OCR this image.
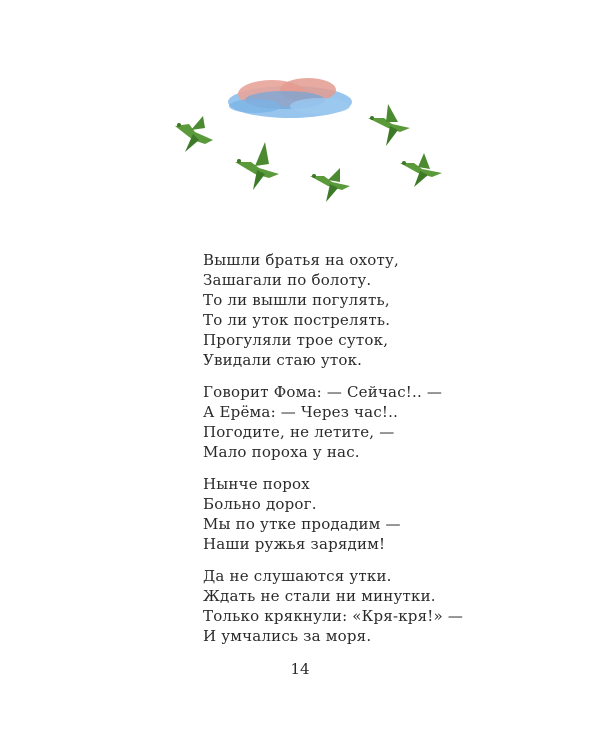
Вышли братья на охоту,
Зашагали по болоту.
То ли вышли погулять,
То ли уток пострелять.
Прогуляли трое суток,
Увидали стаю уток.
Говорит Фома: — Сейчас!.. —
А Ерёма: — Через час!..
Погодите, не летите, —
Мало пороха у нас.
Нынче порох
Больно дорог.
Мы по утке продадим —
Наши ружья зарядим!
Да не слушаются утки.
Ждать не стали ни минутки.
Только крякнули: «Кря-кря!» —
И умчались за моря.
14
